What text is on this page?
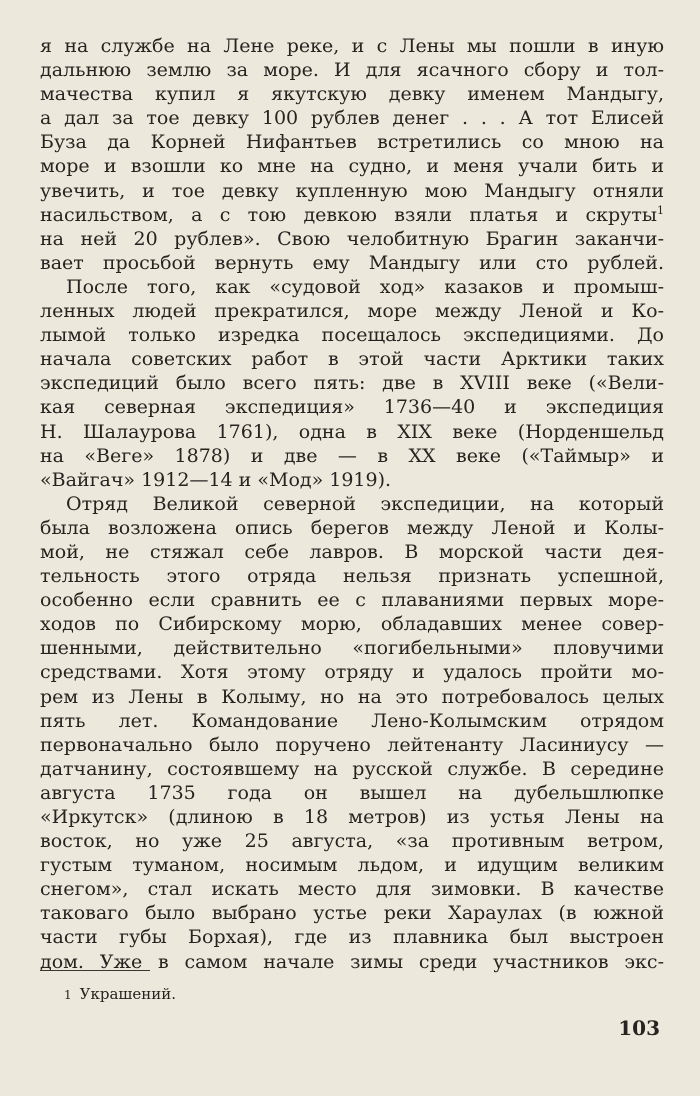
я на службе на Лене реке, и с Лены мы пошли в иную
дальнюю землю за море. И для ясачного сбору и тол-
мачества купил я якутскую девку именем Мандыгу,
а дал за тое девку 100 рублев денег . . . А тот Елисей
Буза да Корней Нифантьев встретились со мною на
море и взошли ко мне на судно, и меня учали бить и
увечить, и тое девку купленную мою Мандыгу отняли
насильством, а с тою девкою взяли платья и скруты$^1$
на ней 20 рублев». Свою челобитную Брагин заканчи-
вает просьбой вернуть ему Мандыгу или сто рублей.
После того, как «судовой ход» казаков и промыш-
ленных людей прекратился, море между Леной и Ко-
лымой только изредка посещалось экспедициями. До
начала советских работ в этой части Арктики таких
экспедиций было всего пять: две в XVIII веке («Вели-
кая северная экспедиция» 1736—40 и экспедиция
Н. Шалаурова 1761), одна в XIX веке (Норденшельд
на «Веге» 1878) и две — в XX веке («Таймыр» и
«Вайгач» 1912—14 и «Мод» 1919).
Отряд Великой северной экспедиции, на который
была возложена опись берегов между Леной и Колы-
мой, не стяжал себе лавров. В морской части дея-
тельность этого отряда нельзя признать успешной,
особенно если сравнить ее с плаваниями первых море-
ходов по Сибирскому морю, обладавших менее совер-
шенными, действительно «погибельными» пловучими
средствами. Хотя этому отряду и удалось пройти мо-
рем из Лены в Колыму, но на это потребовалось целых
пять лет. Командование Лено-Колымским отрядом
первоначально было поручено лейтенанту Ласиниусу —
датчанину, состоявшему на русской службе. В середине
августа 1735 года он вышел на дубельшлюпке
«Иркутск» (длиною в 18 метров) из устья Лены на
восток, но уже 25 августа, «за противным ветром,
густым туманом, носимым льдом, и идущим великим
снегом», стал искать место для зимовки. В качестве
таковаго было выбрано устье реки Хараулах (в южной
части губы Борхая), где из плавника был выстроен
дом. Уже в самом начале зимы среди участников экс-
1 Украшений.
103
